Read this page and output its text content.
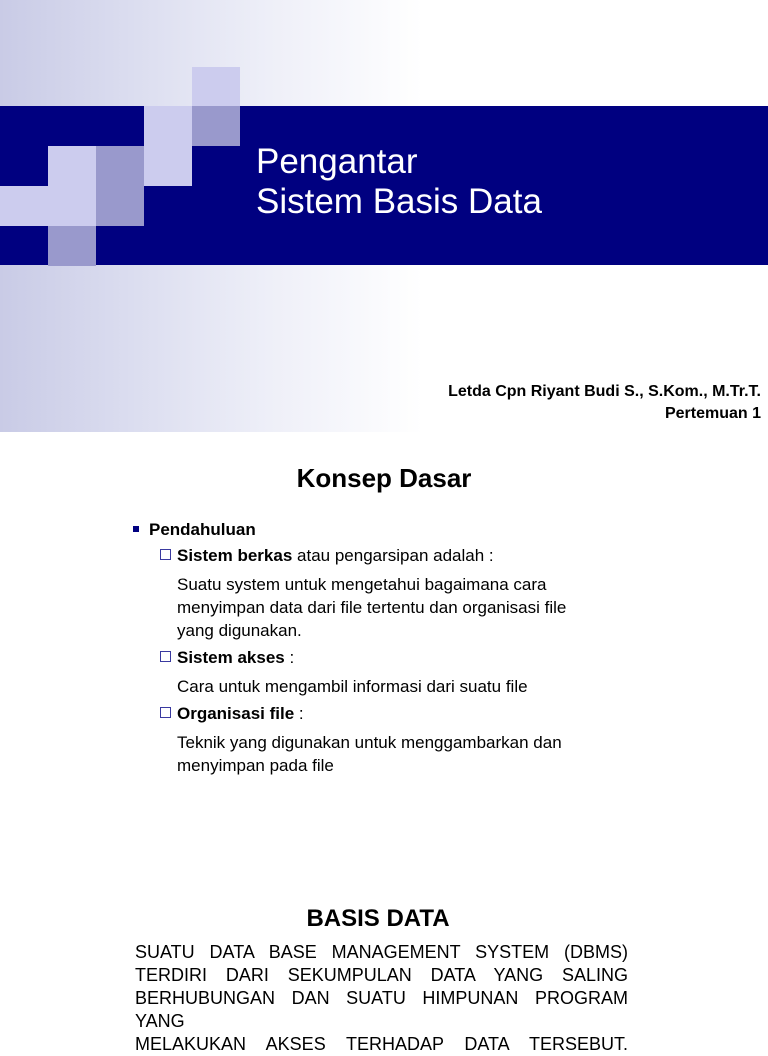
Pengantar
Sistem Basis Data
Letda Cpn Riyant Budi S., S.Kom., M.Tr.T.
Pertemuan 1
Konsep Dasar
Pendahuluan
Sistem berkas atau pengarsipan adalah :
Suatu system untuk mengetahui bagaimana cara
menyimpan data dari file tertentu dan organisasi file
yang digunakan.
Sistem akses :
Cara untuk mengambil informasi dari suatu file
Organisasi file :
Teknik yang digunakan untuk menggambarkan dan
menyimpan pada file
BASIS DATA
SUATU DATA BASE MANAGEMENT SYSTEM (DBMS)
TERDIRI DARI SEKUMPULAN DATA YANG SALING
BERHUBUNGAN DAN SUATU HIMPUNAN PROGRAM YANG
MELAKUKAN AKSES TERHADAP DATA TERSEBUT.
